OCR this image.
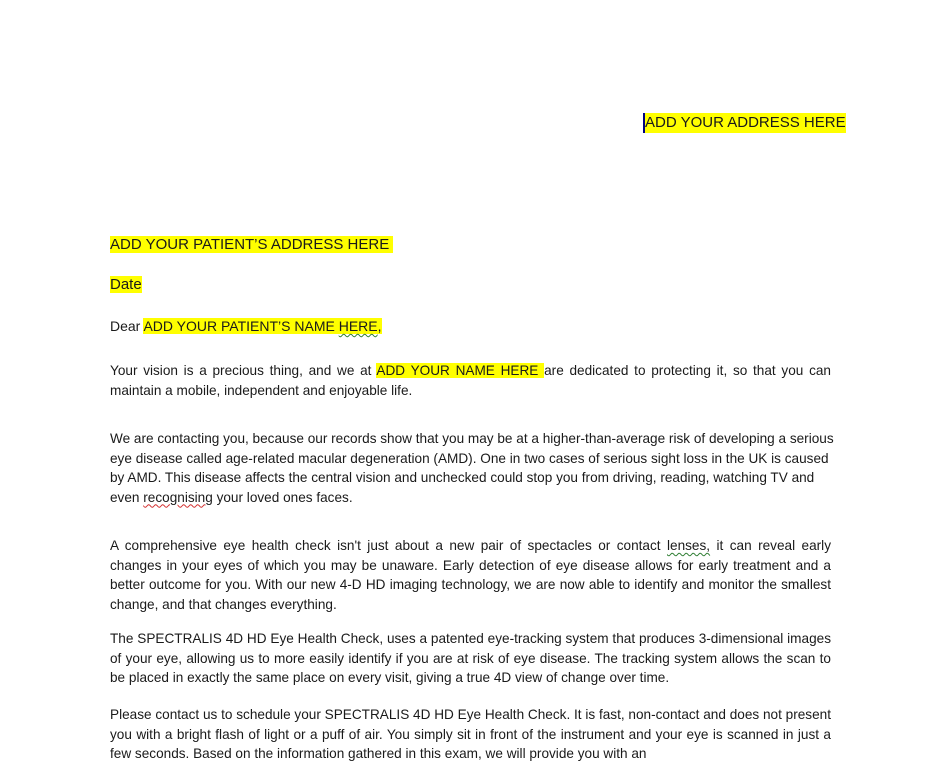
ADD YOUR ADDRESS HERE

ADD YOUR PATIENT’S ADDRESS HERE

Date

Dear ADD YOUR PATIENT’S NAME HERE,

Your vision is a precious thing, and we at ADD YOUR NAME HERE are dedicated to protecting it, so that you can maintain a mobile, independent and enjoyable life.

We are contacting you, because our records show that you may be at a higher-than-average risk of developing a serious eye disease called age-related macular degeneration (AMD). One in two cases of serious sight loss in the UK is caused by AMD. This disease affects the central vision and unchecked could stop you from driving, reading, watching TV and even recognising your loved ones faces.

A comprehensive eye health check isn't just about a new pair of spectacles or contact lenses, it can reveal early changes in your eyes of which you may be unaware. Early detection of eye disease allows for early treatment and a better outcome for you. With our new 4-D HD imaging technology, we are now able to identify and monitor the smallest change, and that changes everything.

The SPECTRALIS 4D HD Eye Health Check, uses a patented eye-tracking system that produces 3-dimensional images of your eye, allowing us to more easily identify if you are at risk of eye disease. The tracking system allows the scan to be placed in exactly the same place on every visit, giving a true 4D view of change over time.

Please contact us to schedule your SPECTRALIS 4D HD Eye Health Check. It is fast, non-contact and does not present you with a bright flash of light or a puff of air. You simply sit in front of the instrument and your eye is scanned in just a few seconds. Based on the information gathered in this exam, we will provide you with an
